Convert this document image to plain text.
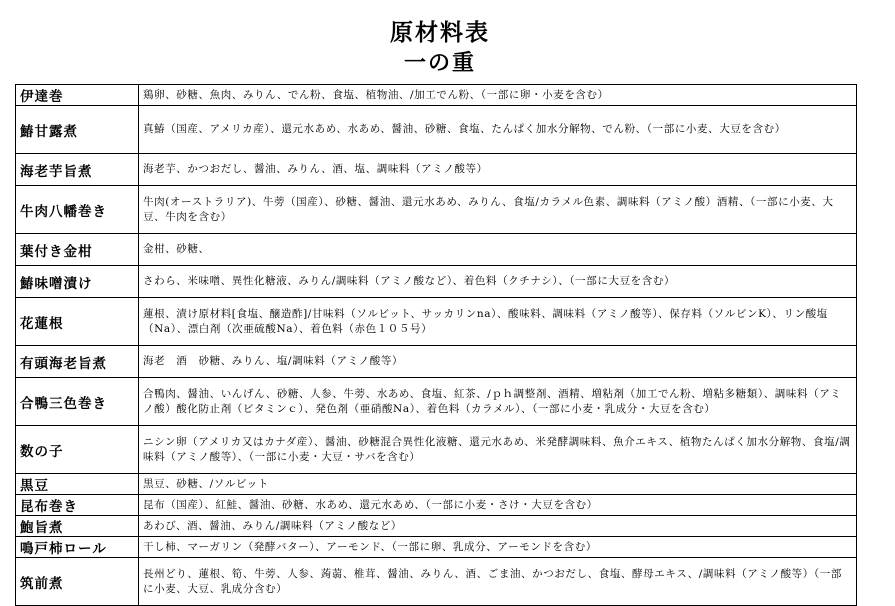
原材料表
一の重
伊達巻	鶏卵、砂糖、魚肉、みりん、でん粉、食塩、植物油、/加工でん粉、（一部に卵・小麦を含む）
鰆甘露煮	真鰆（国産、アメリカ産）、還元水あめ、水あめ、醤油、砂糖、食塩、たんぱく加水分解物、でん粉、（一部に小麦、大豆を含む）
海老芋旨煮	海老芋、かつおだし、醤油、みりん、酒、塩、調味料（アミノ酸等）
牛肉八幡巻き	牛肉(オーストラリア)、牛蒡（国産）、砂糖、醤油、還元水あめ、みりん、食塩/カラメル色素、調味料（アミノ酸）酒精、（一部に小麦、大豆、牛肉を含む）
葉付き金柑	金柑、砂糖、
鰆味噌漬け	さわら、米味噌、異性化糖液、みりん/調味料（アミノ酸など）、着色料（クチナシ）、（一部に大豆を含む）
花蓮根	蓮根、漬け原材料[食塩、醸造酢]/甘味料（ソルビット、サッカリンna）、酸味料、調味料（アミノ酸等）、保存料（ソルビンK）、リン酸塩（Na）、漂白剤（次亜硫酸Na）、着色料（赤色１０５号）
有頭海老旨煮	海老　酒　砂糖、みりん、塩/調味料（アミノ酸等）
合鴨三色巻き	合鴨肉、醤油、いんげん、砂糖、人参、牛蒡、水あめ、食塩、紅茶、/ｐｈ調整剤、酒精、増粘剤（加工でん粉、増粘多糖類）、調味料（アミノ酸）酸化防止剤（ビタミンｃ）、発色剤（亜硝酸Na）、着色料（カラメル）、（一部に小麦・乳成分・大豆を含む）
数の子	ニシン卵（アメリカ又はカナダ産）、醤油、砂糖混合異性化液糖、還元水あめ、米発酵調味料、魚介エキス、植物たんぱく加水分解物、食塩/調味料（アミノ酸等）、（一部に小麦・大豆・サバを含む）
黒豆	黒豆、砂糖、/ソルビット
昆布巻き	昆布（国産）、紅鮭、醤油、砂糖、水あめ、還元水あめ、（一部に小麦・さけ・大豆を含む）
鮑旨煮	あわび、酒、醤油、みりん/調味料（アミノ酸など）
鳴戸柿ロール	干し柿、マーガリン（発酵バター）、アーモンド、（一部に卵、乳成分、アーモンドを含む）
筑前煮	長州どり、蓮根、筍、牛蒡、人参、蒟蒻、椎茸、醤油、みりん、酒、ごま油、かつおだし、食塩、酵母エキス、/調味料（アミノ酸等）（一部に小麦、大豆、乳成分含む）
